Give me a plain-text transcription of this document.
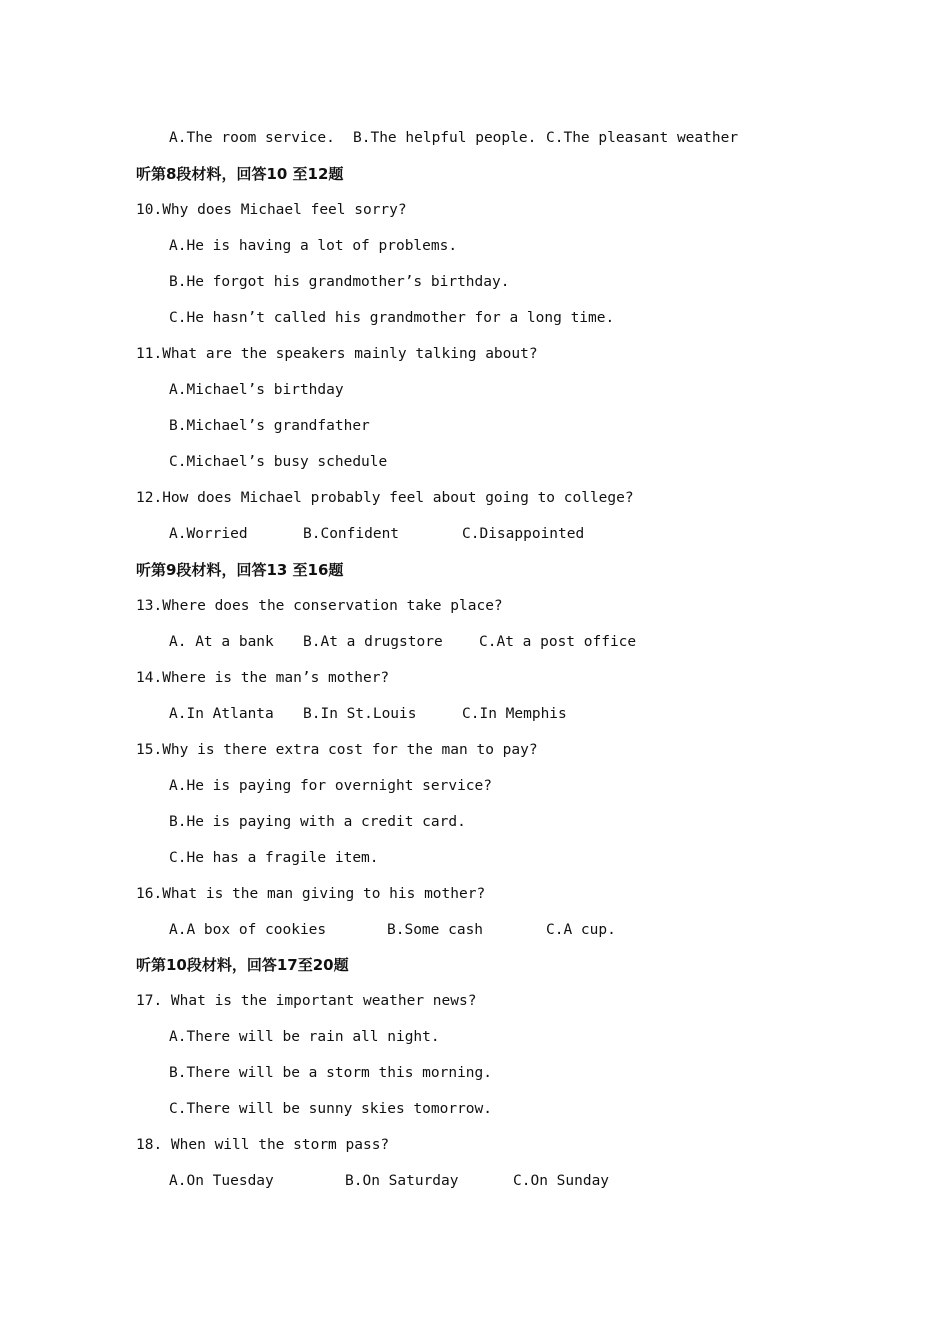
A.The room service.

B.The helpful people.

C.The pleasant weather

听第8段材料，回答10 至12题
10.Why does Michael feel sorry?
A.He is having a lot of problems.
B.He forgot his grandmother’s birthday.
C.He hasn’t called his grandmother for a long time.
11.What are the speakers mainly talking about?
A.Michael’s birthday
B.Michael’s grandfather
C.Michael’s busy schedule
12.How does Michael probably feel about going to college?

A.Worried

	B.Confident

	C.Disappointed

听第9段材料，回答13 至16题
13.Where does the conservation take place?

A. At a bank

B.At a drugstore

	C.At a post office

14.Where is the man’s mother?

A.In Atlanta

B.In St.Louis

	C.In Memphis

15.Why is there extra cost for the man to pay?
A.He is paying for overnight service?
B.He is paying with a credit card.
C.He has a fragile item.
16.What is the man giving to his mother?

A.A box of cookies

	B.Some cash

	C.A cup.

听第10段材料，回答17至20题
17. What is the important weather news?
A.There will be rain all night.
B.There will be a storm this morning.
C.There will be sunny skies tomorrow.
18. When will the storm pass?

A.On Tuesday

	B.On Saturday

	C.On Sunday
